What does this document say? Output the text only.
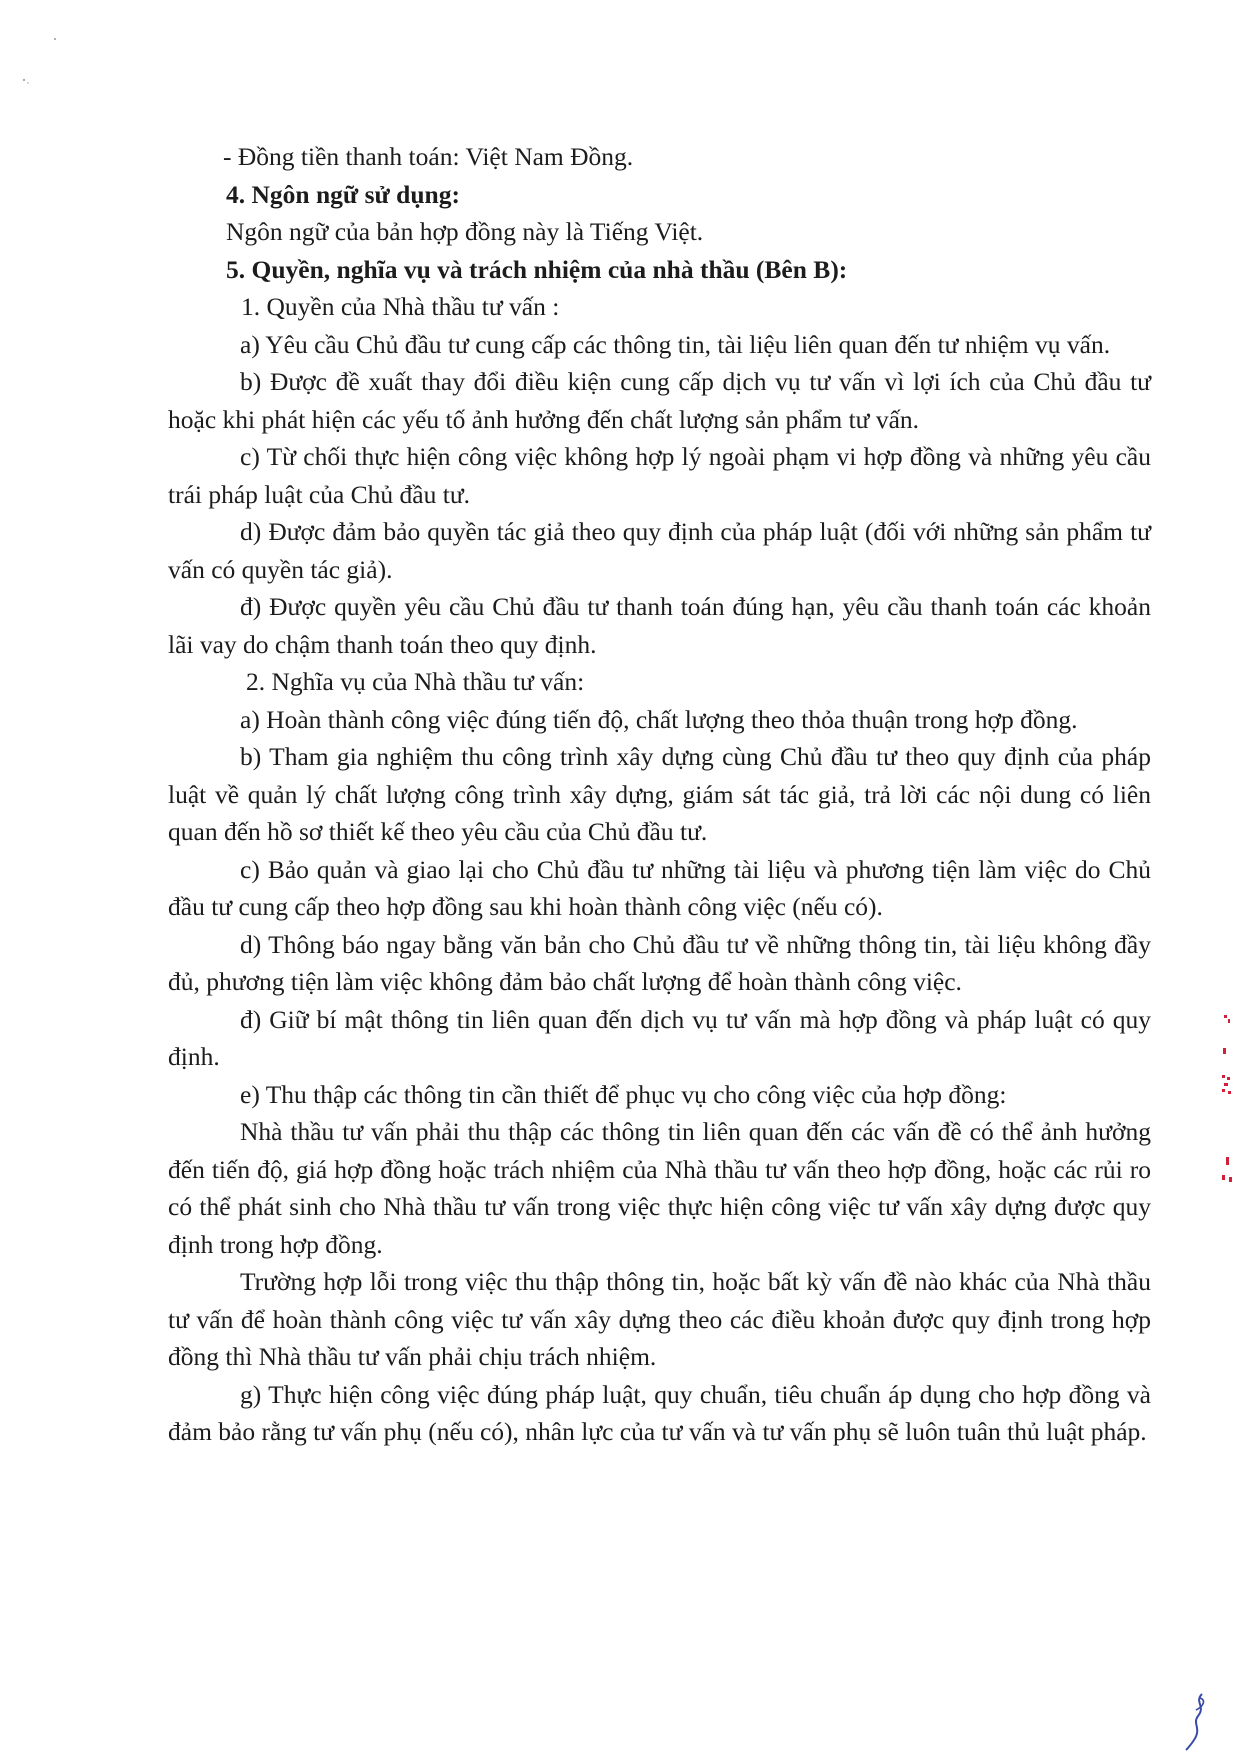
- Đồng tiền thanh toán: Việt Nam Đồng.

4. Ngôn ngữ sử dụng:

Ngôn ngữ của bản hợp đồng này là Tiếng Việt.

5. Quyền, nghĩa vụ và trách nhiệm của nhà thầu (Bên B):

1. Quyền của Nhà thầu tư vấn :

a) Yêu cầu Chủ đầu tư cung cấp các thông tin, tài liệu liên quan đến tư nhiệm vụ vấn.

b) Được đề xuất thay đổi điều kiện cung cấp dịch vụ tư vấn vì lợi ích của Chủ đầu tư hoặc khi phát hiện các yếu tố ảnh hưởng đến chất lượng sản phẩm tư vấn.

c) Từ chối thực hiện công việc không hợp lý ngoài phạm vi hợp đồng và những yêu cầu trái pháp luật của Chủ đầu tư.

d) Được đảm bảo quyền tác giả theo quy định của pháp luật (đối với những sản phẩm tư vấn có quyền tác giả).

đ) Được quyền yêu cầu Chủ đầu tư thanh toán đúng hạn, yêu cầu thanh toán các khoản lãi vay do chậm thanh toán theo quy định.

2. Nghĩa vụ của Nhà thầu tư vấn:

a) Hoàn thành công việc đúng tiến độ, chất lượng theo thỏa thuận trong hợp đồng.

b) Tham gia nghiệm thu công trình xây dựng cùng Chủ đầu tư theo quy định của pháp luật về quản lý chất lượng công trình xây dựng, giám sát tác giả, trả lời các nội dung có liên quan đến hồ sơ thiết kế theo yêu cầu của Chủ đầu tư.

c) Bảo quản và giao lại cho Chủ đầu tư những tài liệu và phương tiện làm việc do Chủ đầu tư cung cấp theo hợp đồng sau khi hoàn thành công việc (nếu có).

d) Thông báo ngay bằng văn bản cho Chủ đầu tư về những thông tin, tài liệu không đầy đủ, phương tiện làm việc không đảm bảo chất lượng để hoàn thành công việc.

đ) Giữ bí mật thông tin liên quan đến dịch vụ tư vấn mà hợp đồng và pháp luật có quy định.

e) Thu thập các thông tin cần thiết để phục vụ cho công việc của hợp đồng:

Nhà thầu tư vấn phải thu thập các thông tin liên quan đến các vấn đề có thể ảnh hưởng đến tiến độ, giá hợp đồng hoặc trách nhiệm của Nhà thầu tư vấn theo hợp đồng, hoặc các rủi ro có thể phát sinh cho Nhà thầu tư vấn trong việc thực hiện công việc tư vấn xây dựng được quy định trong hợp đồng.

Trường hợp lỗi trong việc thu thập thông tin, hoặc bất kỳ vấn đề nào khác của Nhà thầu tư vấn để hoàn thành công việc tư vấn xây dựng theo các điều khoản được quy định trong hợp đồng thì Nhà thầu tư vấn phải chịu trách nhiệm.

g) Thực hiện công việc đúng pháp luật, quy chuẩn, tiêu chuẩn áp dụng cho hợp đồng và đảm bảo rằng tư vấn phụ (nếu có), nhân lực của tư vấn và tư vấn phụ sẽ luôn tuân thủ luật pháp.
